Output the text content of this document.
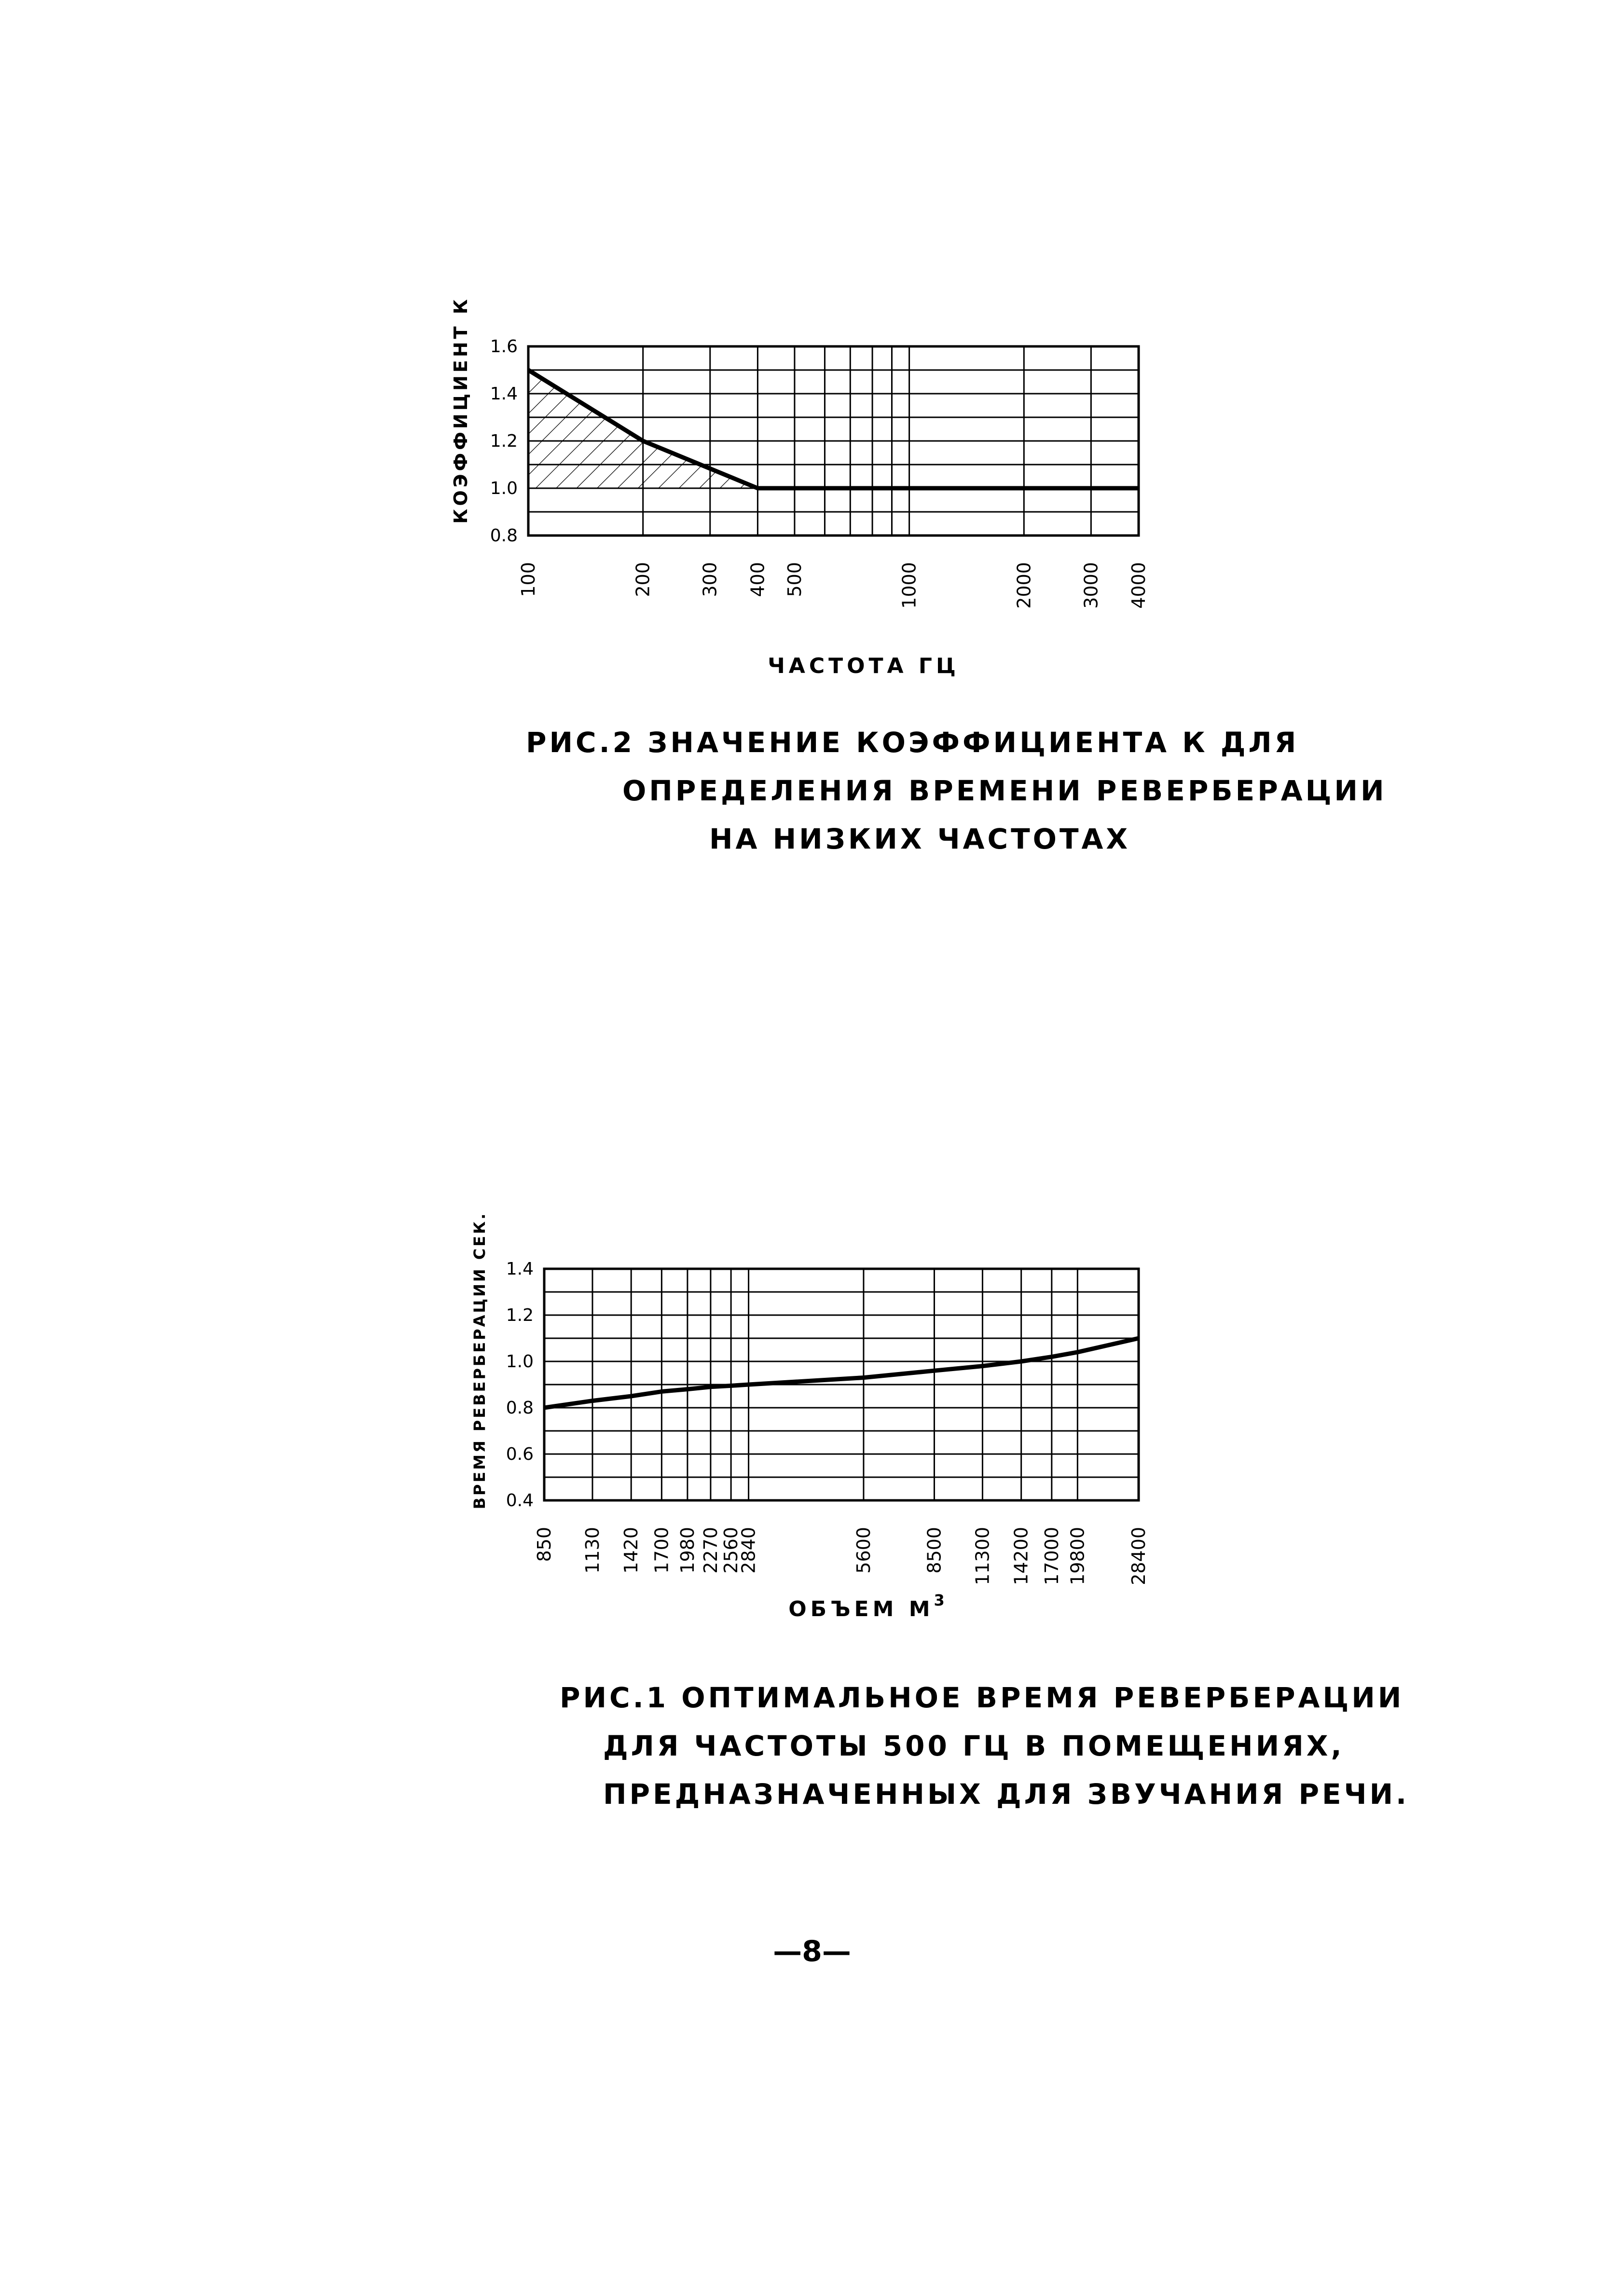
0.8
1.0
1.2
1.4
1.6
100	200	300 400 500	1000	2000	3000 4000
КОЭФФИЦИЕНТ К
ЧАСТОТА ГЦ
РИС.2 ЗНАЧЕНИЕ КОЭФФИЦИЕНТА К ДЛЯ
ОПРЕДЕЛЕНИЯ ВРЕМЕНИ РЕВЕРБЕРАЦИИ
НА НИЗКИХ ЧАСТОТАХ
0.4
0.6
0.8
1.0
1.2
1.4
850 1130 1420 1700 1980 2270
2560
2840	5600	8500 11300 14200 17000 19800 28400
ВРЕМЯ РЕВЕРБЕРАЦИИ СЕК.
ОБЪЕМ $М^3$
РИС.1 ОПТИМАЛЬНОЕ ВРЕМЯ РЕВЕРБЕРАЦИИ
ДЛЯ ЧАСТОТЫ 500 ГЦ В ПОМЕЩЕНИЯХ,
ПРЕДНАЗНАЧЕННЫХ ДЛЯ ЗВУЧАНИЯ РЕЧИ.
—8—
